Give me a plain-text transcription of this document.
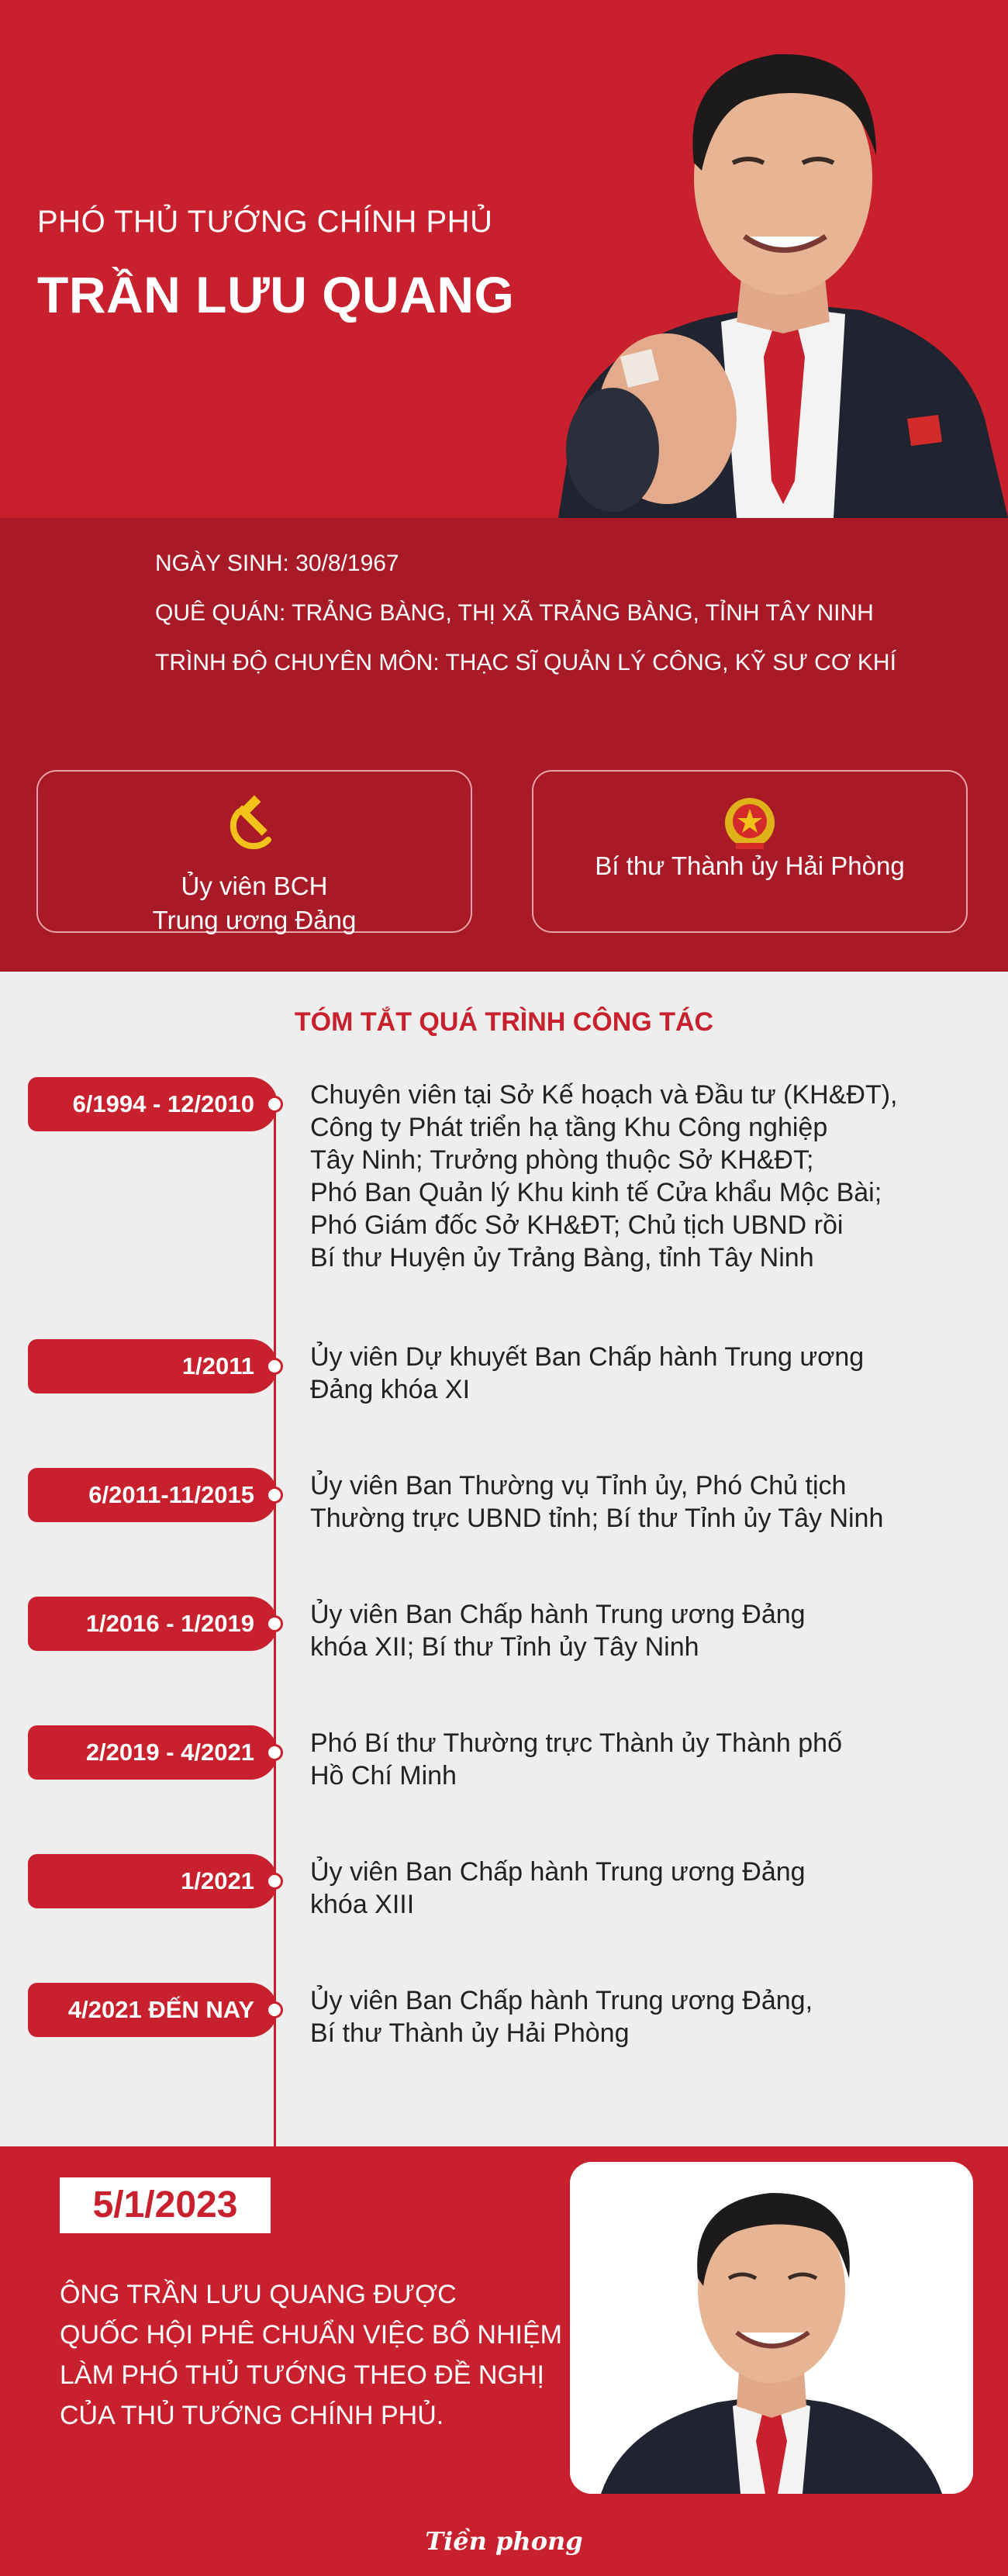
PHÓ THỦ TƯỚNG CHÍNH PHỦ
TRẦN LƯU QUANG
NGÀY SINH: 30/8/1967
QUÊ QUÁN: TRẢNG BÀNG, THỊ XÃ TRẢNG BÀNG, TỈNH TÂY NINH
TRÌNH ĐỘ CHUYÊN MÔN: THẠC SĨ QUẢN LÝ CÔNG, KỸ SƯ CƠ KHÍ
Ủy viên BCH
Trung ương Đảng
Bí thư Thành ủy Hải Phòng
TÓM TẮT QUÁ TRÌNH CÔNG TÁC
6/1994 - 12/2010	Chuyên viên tại Sở Kế hoạch và Đầu tư (KH&ĐT),
Công ty Phát triển hạ tầng Khu Công nghiệp
Tây Ninh; Trưởng phòng thuộc Sở KH&ĐT;
Phó Ban Quản lý Khu kinh tế Cửa khẩu Mộc Bài;
Phó Giám đốc Sở KH&ĐT; Chủ tịch UBND rồi
Bí thư Huyện ủy Trảng Bàng, tỉnh Tây Ninh
1/2011	Ủy viên Dự khuyết Ban Chấp hành Trung ương
Đảng khóa XI
6/2011-11/2015	Ủy viên Ban Thường vụ Tỉnh ủy, Phó Chủ tịch
Thường trực UBND tỉnh; Bí thư Tỉnh ủy Tây Ninh
1/2016 - 1/2019	Ủy viên Ban Chấp hành Trung ương Đảng
khóa XII; Bí thư Tỉnh ủy Tây Ninh
2/2019 - 4/2021	Phó Bí thư Thường trực Thành ủy Thành phố
Hồ Chí Minh
1/2021	Ủy viên Ban Chấp hành Trung ương Đảng
khóa XIII
4/2021 ĐẾN NAY	Ủy viên Ban Chấp hành Trung ương Đảng,
Bí thư Thành ủy Hải Phòng
5/1/2023
ÔNG TRẦN LƯU QUANG ĐƯỢC
QUỐC HỘI PHÊ CHUẨN VIỆC BỔ NHIỆM
LÀM PHÓ THỦ TƯỚNG THEO ĐỀ NGHỊ
CỦA THỦ TƯỚNG CHÍNH PHỦ.
Tiền phong
